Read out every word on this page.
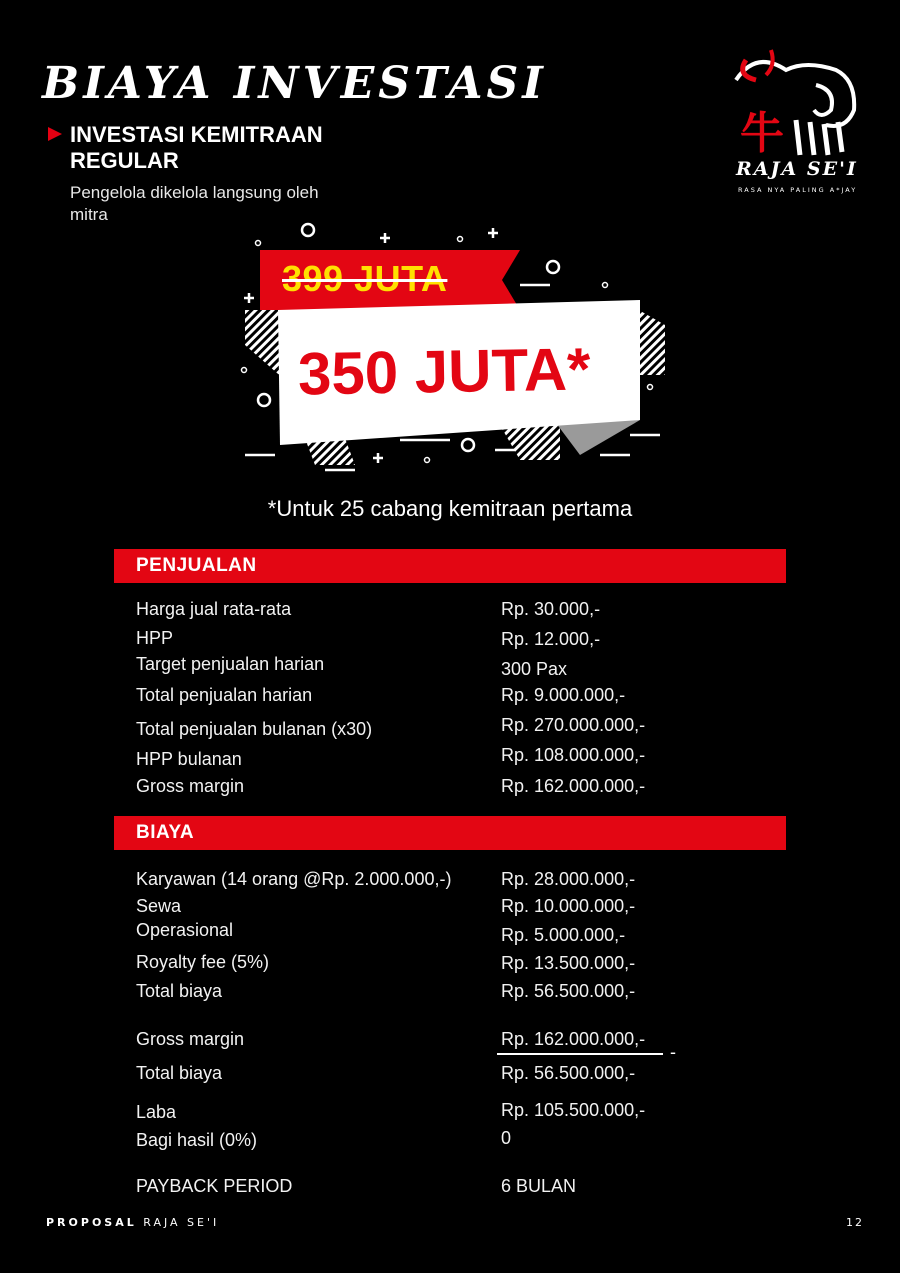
BIAYA INVESTASI
INVESTASI KEMITRAAN REGULAR
Pengelola dikelola langsung oleh mitra
牛
RAJA SE'I
RASA NYA PALING A*JAY
399 JUTA
350 JUTA*
*Untuk 25 cabang kemitraan pertama
PENJUALAN
Harga jual rata-rata	Rp. 30.000,-
HPP	Rp. 12.000,-
Target penjualan harian	300 Pax
Total penjualan harian	Rp. 9.000.000,-
Total penjualan bulanan (x30)	Rp. 270.000.000,-
HPP bulanan	Rp. 108.000.000,-
Gross margin	Rp. 162.000.000,-
BIAYA
Karyawan (14 orang @Rp. 2.000.000,-)	Rp. 28.000.000,-
Sewa	Rp. 10.000.000,-
Operasional	Rp. 5.000.000,-
Royalty fee (5%)	Rp. 13.500.000,-
Total biaya	Rp. 56.500.000,-
Gross margin	Rp. 162.000.000,-
-
Total biaya	Rp. 56.500.000,-
Laba	Rp. 105.500.000,-
Bagi hasil (0%)	0
PAYBACK PERIOD	6 BULAN
PROPOSAL RAJA SE'I	12
